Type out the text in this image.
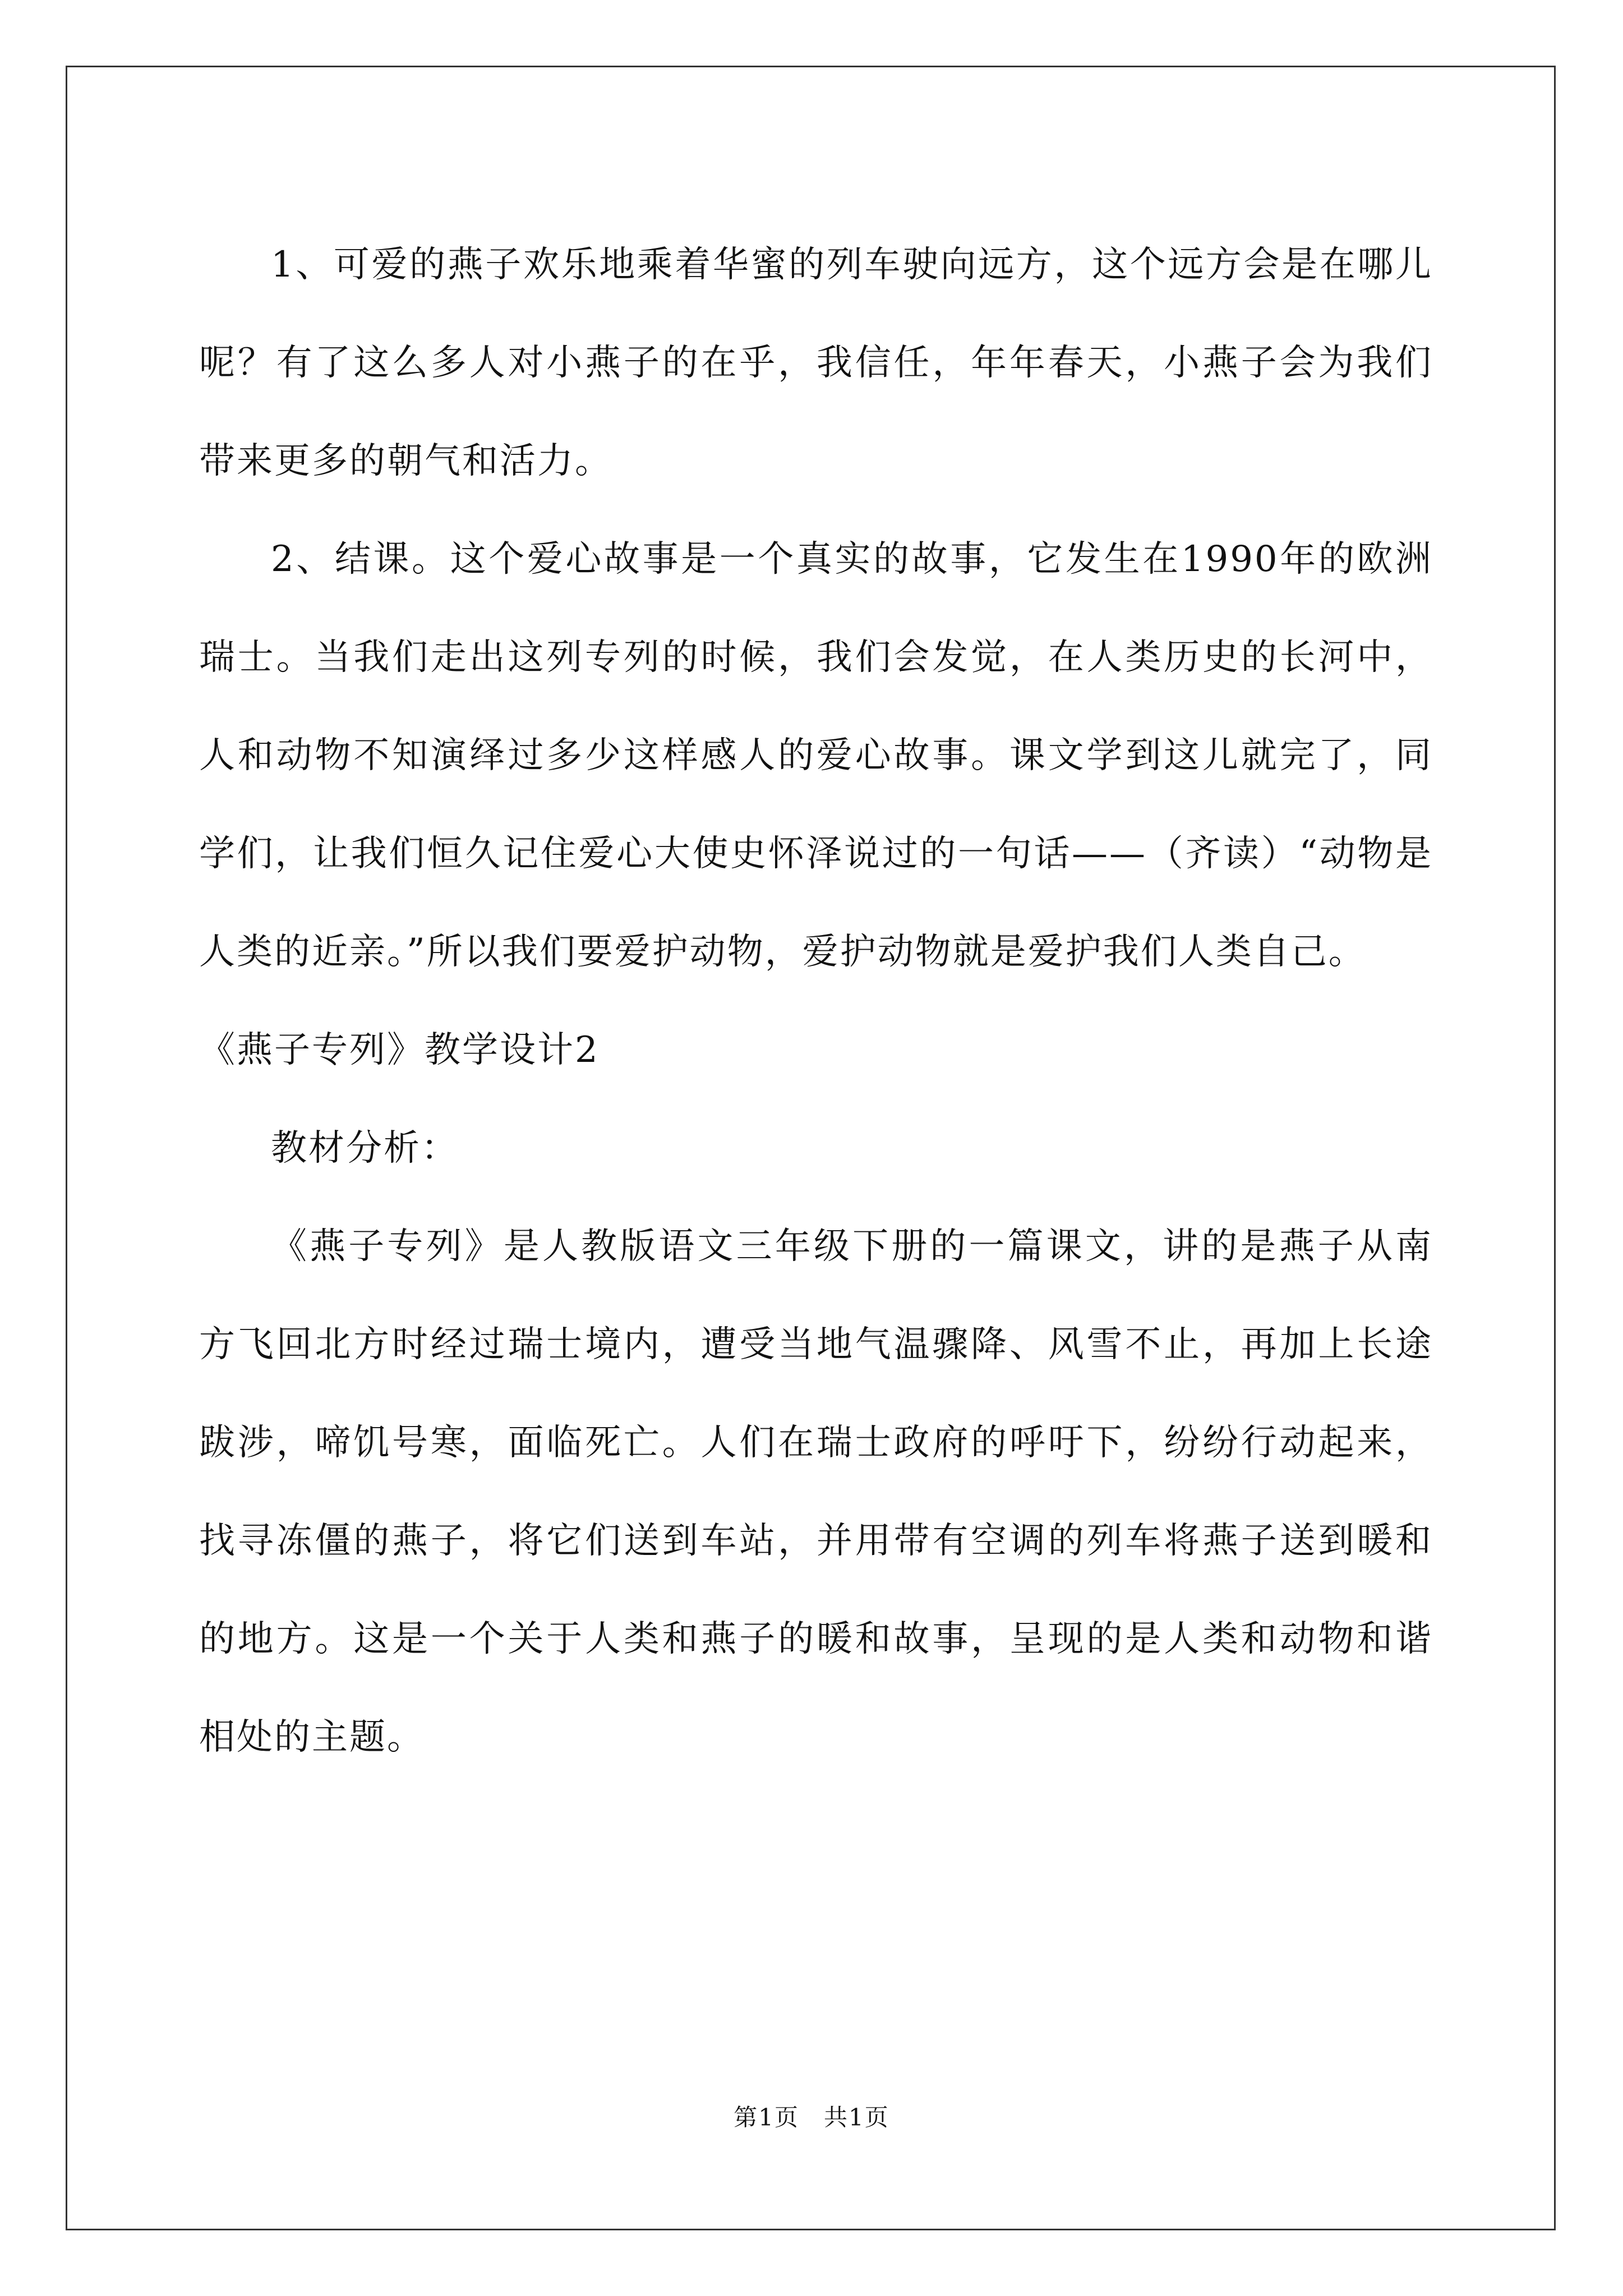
1、可爱的燕子欢乐地乘着华蜜的列车驶向远方，这个远方会是在哪儿呢？有了这么多人对小燕子的在乎，我信任，年年春天，小燕子会为我们带来更多的朝气和活力。

2、结课。这个爱心故事是一个真实的故事，它发生在1990年的欧洲瑞士。当我们走出这列专列的时候，我们会发觉，在人类历史的长河中，人和动物不知演绎过多少这样感人的爱心故事。课文学到这儿就完了，同学们，让我们恒久记住爱心大使史怀泽说过的一句话——（齐读）“动物是人类的近亲。”所以我们要爱护动物，爱护动物就是爱护我们人类自己。

《燕子专列》教学设计2

教材分析：

《燕子专列》是人教版语文三年级下册的一篇课文，讲的是燕子从南方飞回北方时经过瑞士境内，遭受当地气温骤降、风雪不止，再加上长途跋涉，啼饥号寒，面临死亡。人们在瑞士政府的呼吁下，纷纷行动起来，找寻冻僵的燕子，将它们送到车站，并用带有空调的列车将燕子送到暖和的地方。这是一个关于人类和燕子的暖和故事，呈现的是人类和动物和谐相处的主题。

第1页　共1页
